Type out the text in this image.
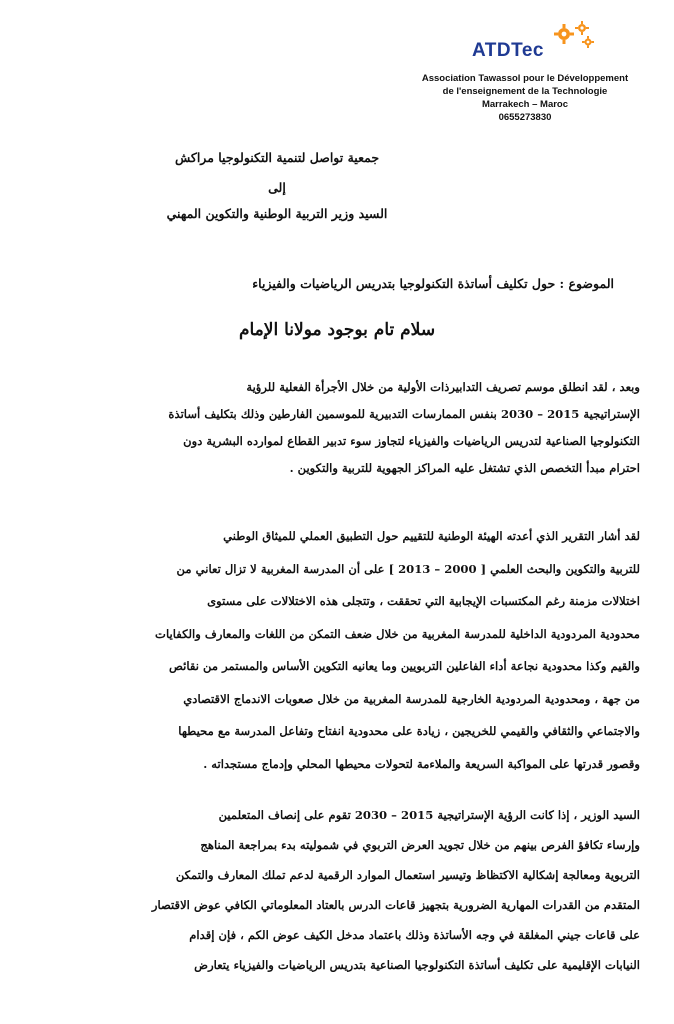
ATDTec
Association Tawassol pour le Développement
de l'enseignement de la Technologie
Marrakech – Maroc
0655273830
جمعية تواصل لتنمية التكنولوجيا مراكش
إلى
السيد وزير التربية الوطنية والتكوين المهني
الموضوع : حول تكليف أساتذة التكنولوجيا بتدريس الرياضيات والفيزياء
سلام تام بوجود مولانا الإمام
وبعد ، لقد انطلق موسم تصريف التدابيرذات الأولية من خلال الأجرأة الفعلية للرؤية
الإستراتيجية 2015 – 2030 بنفس الممارسات التدبيرية للموسمين الفارطين وذلك بتكليف أساتذة
التكنولوجيا الصناعية لتدريس الرياضيات والفيزياء لتجاوز سوء تدبير القطاع لموارده البشرية دون
احترام مبدأ التخصص الذي تشتغل عليه المراكز الجهوية للتربية والتكوين .
لقد أشار التقرير الذي أعدته الهيئة الوطنية للتقييم حول التطبيق العملي للميثاق الوطني
للتربية والتكوين والبحث العلمي [ 2000 – 2013 ] على أن المدرسة المغربية لا تزال تعاني من
اختلالات مزمنة رغم المكتسبات الإيجابية التي تحققت ، وتتجلى هذه الاختلالات على مستوى
محدودية المردودية الداخلية للمدرسة المغربية من خلال ضعف التمكن من اللغات والمعارف والكفايات
والقيم وكذا محدودية نجاعة أداء الفاعلين التربويين وما يعانيه التكوين الأساس والمستمر من نقائص
من جهة ، ومحدودية المردودية الخارجية للمدرسة المغربية من خلال صعوبات الاندماج الاقتصادي
والاجتماعي والثقافي والقيمي للخريجين ، زيادة على محدودية انفتاح وتفاعل المدرسة مع محيطها
وقصور قدرتها على المواكبة السريعة والملاءمة لتحولات محيطها المحلي وإدماج مستجداته .
السيد الوزير ، إذا كانت الرؤية الإستراتيجية 2015 – 2030 تقوم على إنصاف المتعلمين
وإرساء تكافؤ الفرص بينهم من خلال تجويد العرض التربوي في شموليته بدء بمراجعة المناهج
التربوية ومعالجة إشكالية الاكتظاظ وتيسير استعمال الموارد الرقمية لدعم تملك المعارف والتمكن
المتقدم من القدرات المهارية الضرورية بتجهيز قاعات الدرس بالعتاد المعلوماتي الكافي عوض الاقتصار
على قاعات جيني المغلقة في وجه الأساتذة وذلك باعتماد مدخل الكيف عوض الكم ، فإن إقدام
النيابات الإقليمية على تكليف أساتذة التكنولوجيا الصناعية بتدريس الرياضيات والفيزياء يتعارض
